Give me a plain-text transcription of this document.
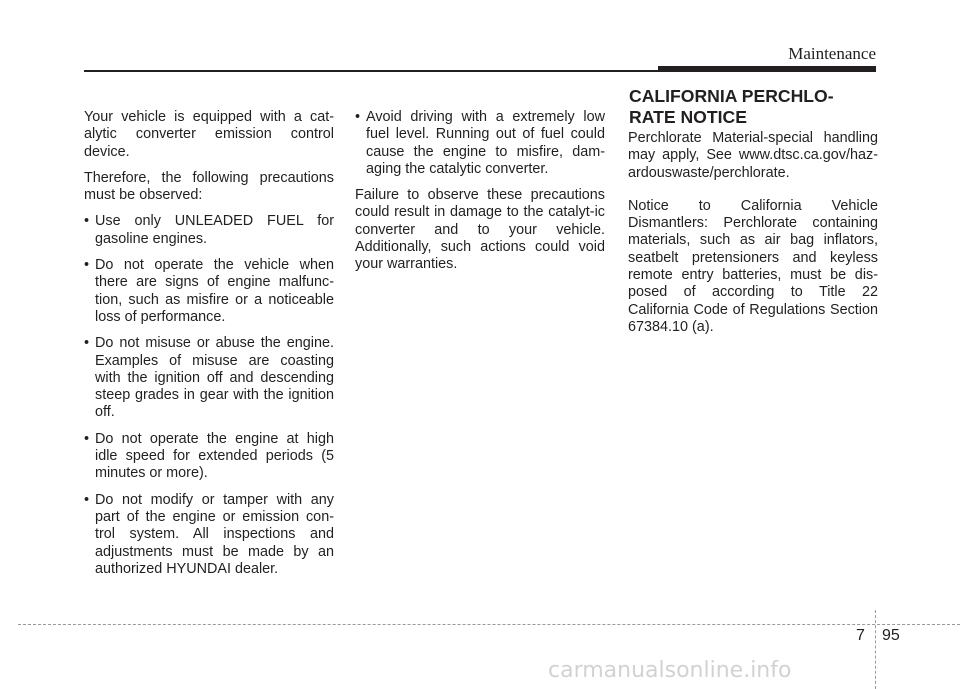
Maintenance

Your vehicle is equipped with a cat-alytic converter emission control device.

Therefore, the following precautions must be observed:

• Use only UNLEADED FUEL for gasoline engines.
• Do not operate the vehicle when there are signs of engine malfunc-tion, such as misfire or a noticeable loss of performance.
• Do not misuse or abuse the engine. Examples of misuse are coasting with the ignition off and descending steep grades in gear with the ignition off.
• Do not operate the engine at high idle speed for extended periods (5 minutes or more).
• Do not modify or tamper with any part of the engine or emission con-trol system. All inspections and adjustments must be made by an authorized HYUNDAI dealer.
• Avoid driving with a extremely low fuel level. Running out of fuel could cause the engine to misfire, dam-aging the catalytic converter.

Failure to observe these precautions could result in damage to the catalyt-ic converter and to your vehicle. Additionally, such actions could void your warranties.

CALIFORNIA PERCHLO-
RATE NOTICE

Perchlorate Material-special handling may apply, See www.dtsc.ca.gov/haz-ardouswaste/perchlorate.

Notice to California Vehicle Dismantlers: Perchlorate containing materials, such as air bag inflators, seatbelt pretensioners and keyless remote entry batteries, must be dis-posed of according to Title 22 California Code of Regulations Section 67384.10 (a).

7 95
carmanualsonline.info
